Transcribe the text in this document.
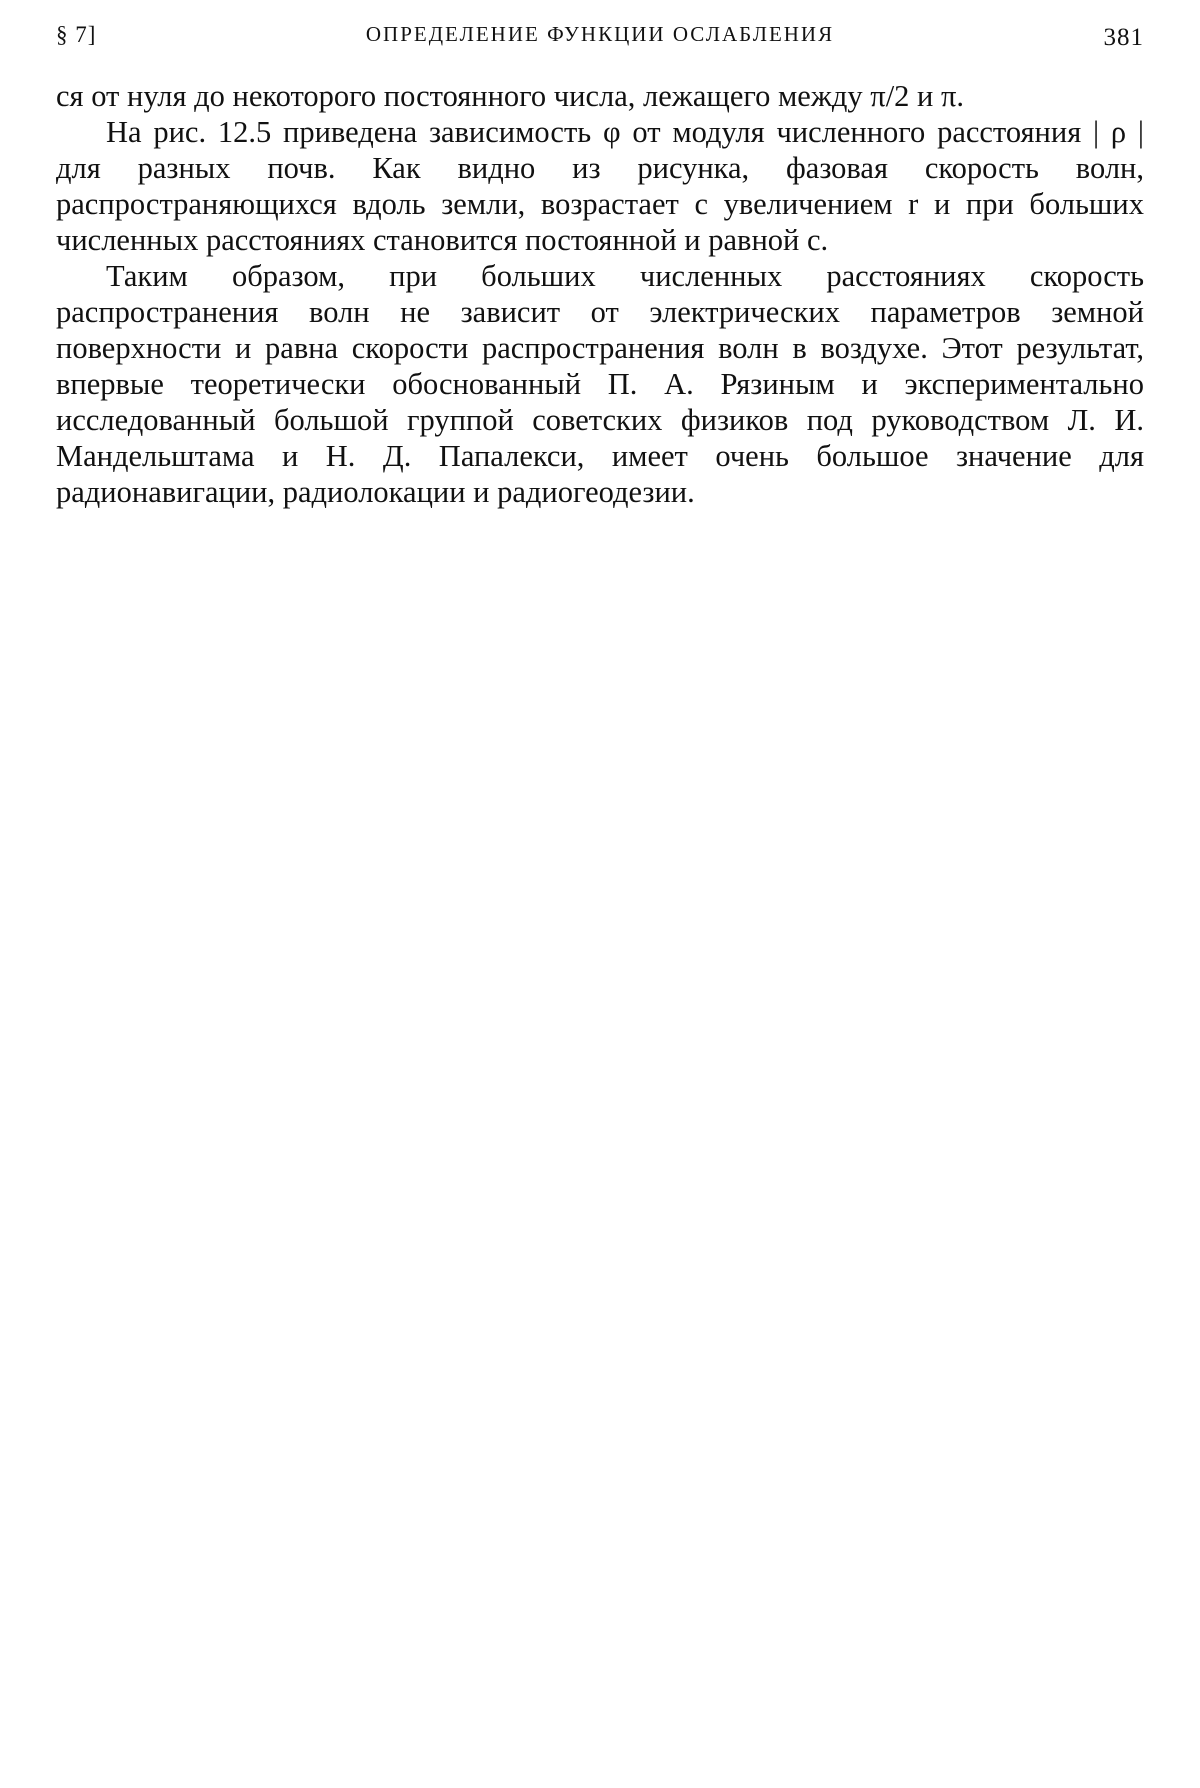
§ 7]	ОПРЕДЕЛЕНИЕ ФУНКЦИИ ОСЛАБЛЕНИЯ	381

ся от нуля до некоторого постоянного числа, лежащего между π/2 и π.

На рис. 12.5 приведена зависимость φ от модуля численного расстояния | ρ | для разных почв. Как видно из рисунка, фазовая скорость волн, распространяющихся вдоль земли, возрастает с увеличением r и при больших численных расстояниях становится постоянной и равной c.

Таким образом, при больших численных расстояниях скорость распространения волн не зависит от электрических параметров земной поверхности и равна скорости распространения волн в воздухе. Этот результат, впервые теоретически обоснованный П. А. Рязиным и экспериментально исследованный большой группой советских физиков под руководством Л. И. Мандельштама и Н. Д. Папалекси, имеет очень большое значение для радионавигации, радиолокации и радиогеодезии.
